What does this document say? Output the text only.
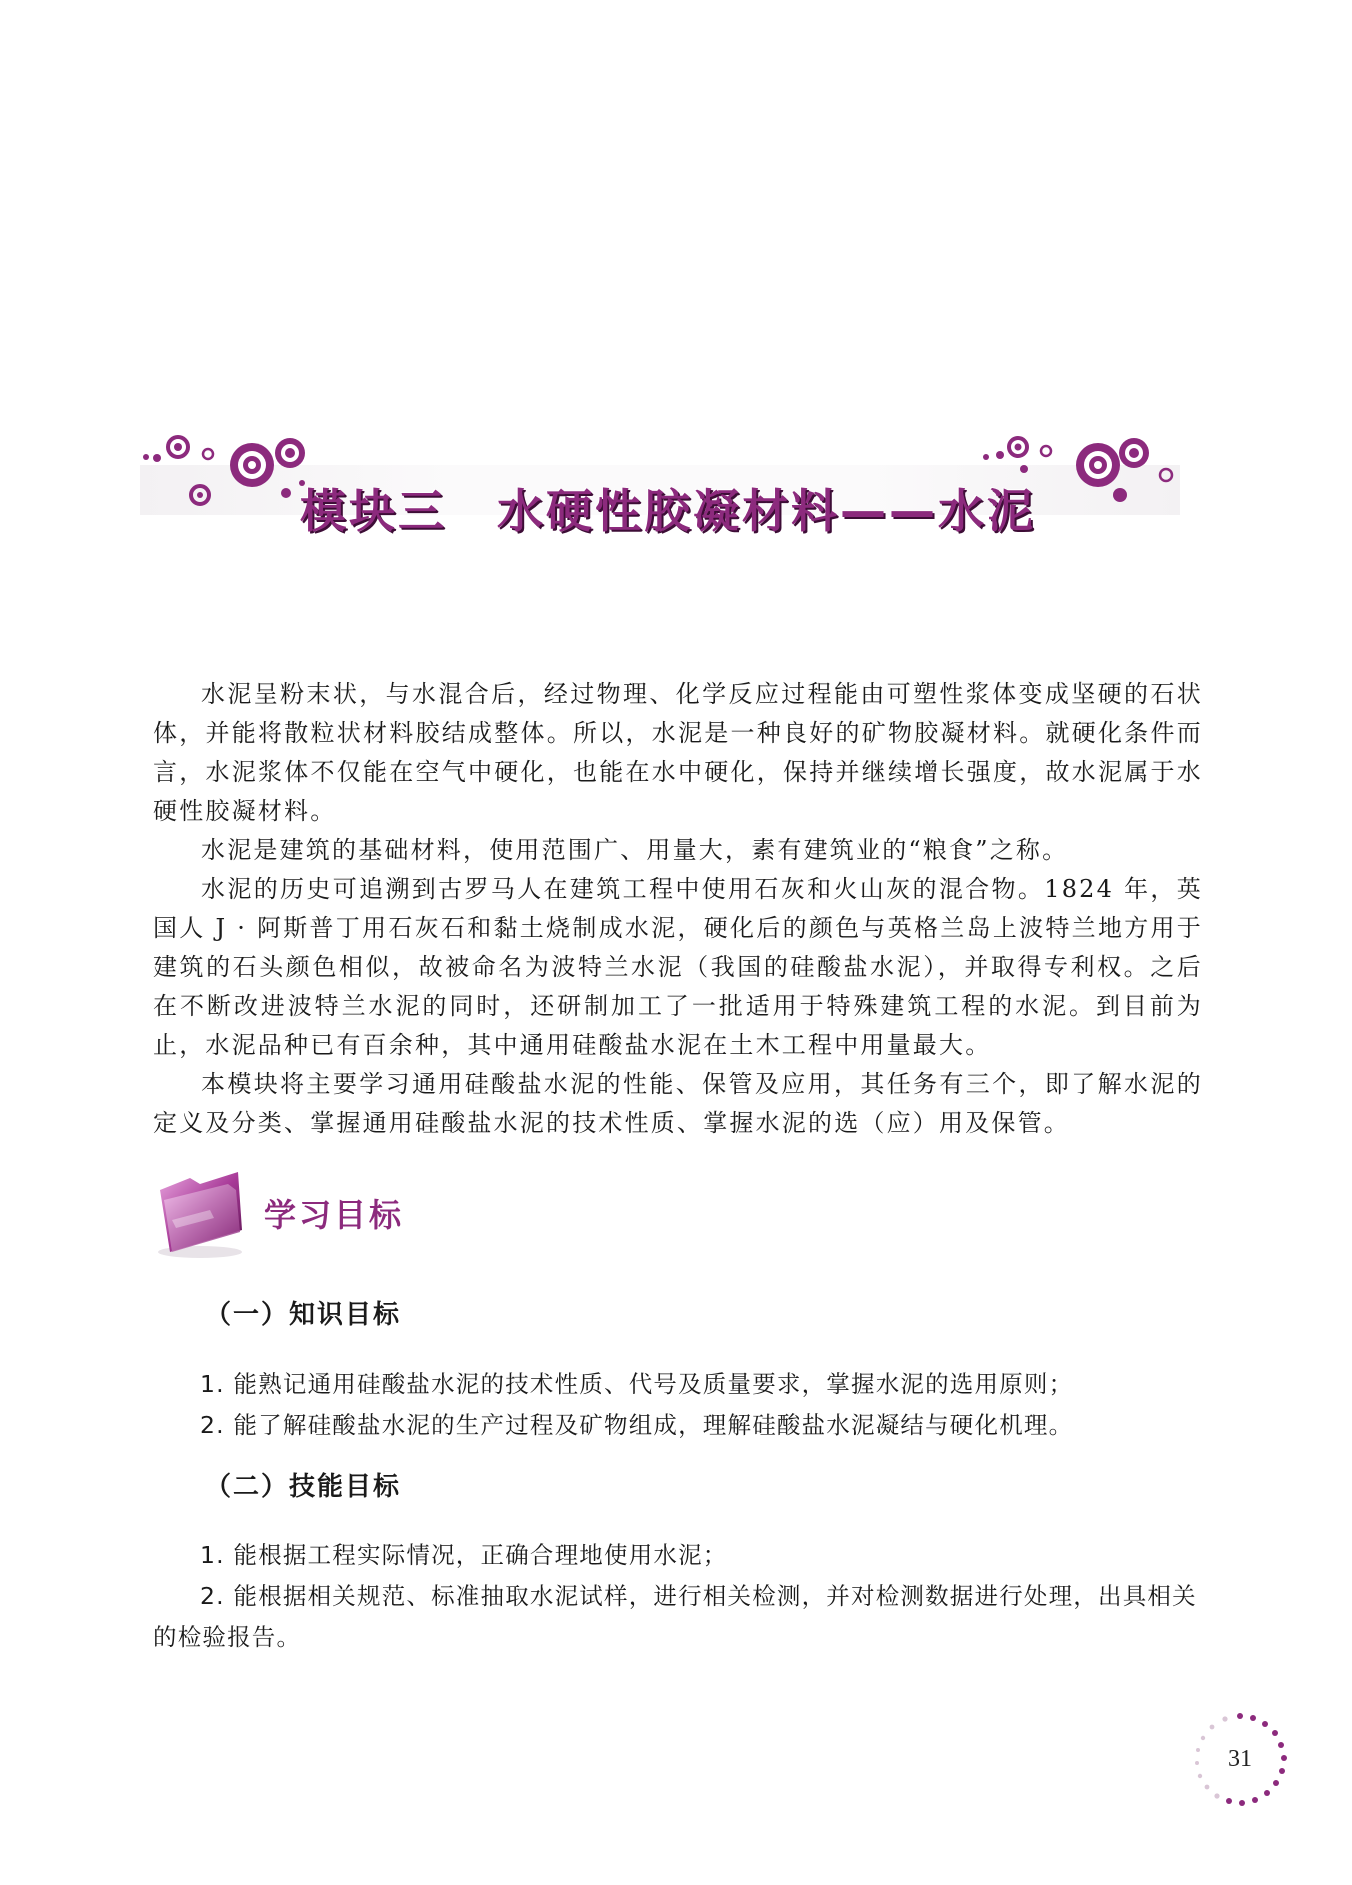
模块三 水硬性胶凝材料——水泥

水泥呈粉末状，与水混合后，经过物理、化学反应过程能由可塑性浆体变成坚硬的石状体，并能将散粒状材料胶结成整体。所以，水泥是一种良好的矿物胶凝材料。就硬化条件而言，水泥浆体不仅能在空气中硬化，也能在水中硬化，保持并继续增长强度，故水泥属于水硬性胶凝材料。

水泥是建筑的基础材料，使用范围广、用量大，素有建筑业的“粮食”之称。

水泥的历史可追溯到古罗马人在建筑工程中使用石灰和火山灰的混合物。1824 年，英国人 J · 阿斯普丁用石灰石和黏土烧制成水泥，硬化后的颜色与英格兰岛上波特兰地方用于建筑的石头颜色相似，故被命名为波特兰水泥（我国的硅酸盐水泥），并取得专利权。之后在不断改进波特兰水泥的同时，还研制加工了一批适用于特殊建筑工程的水泥。到目前为止，水泥品种已有百余种，其中通用硅酸盐水泥在土木工程中用量最大。

本模块将主要学习通用硅酸盐水泥的性能、保管及应用，其任务有三个，即了解水泥的定义及分类、掌握通用硅酸盐水泥的技术性质、掌握水泥的选（应）用及保管。

学习目标
（一）知识目标

1. 能熟记通用硅酸盐水泥的技术性质、代号及质量要求，掌握水泥的选用原则；

2. 能了解硅酸盐水泥的生产过程及矿物组成，理解硅酸盐水泥凝结与硬化机理。

（二）技能目标

1. 能根据工程实际情况，正确合理地使用水泥；

2. 能根据相关规范、标准抽取水泥试样，进行相关检测，并对检测数据进行处理，出具相关的检验报告。

31
